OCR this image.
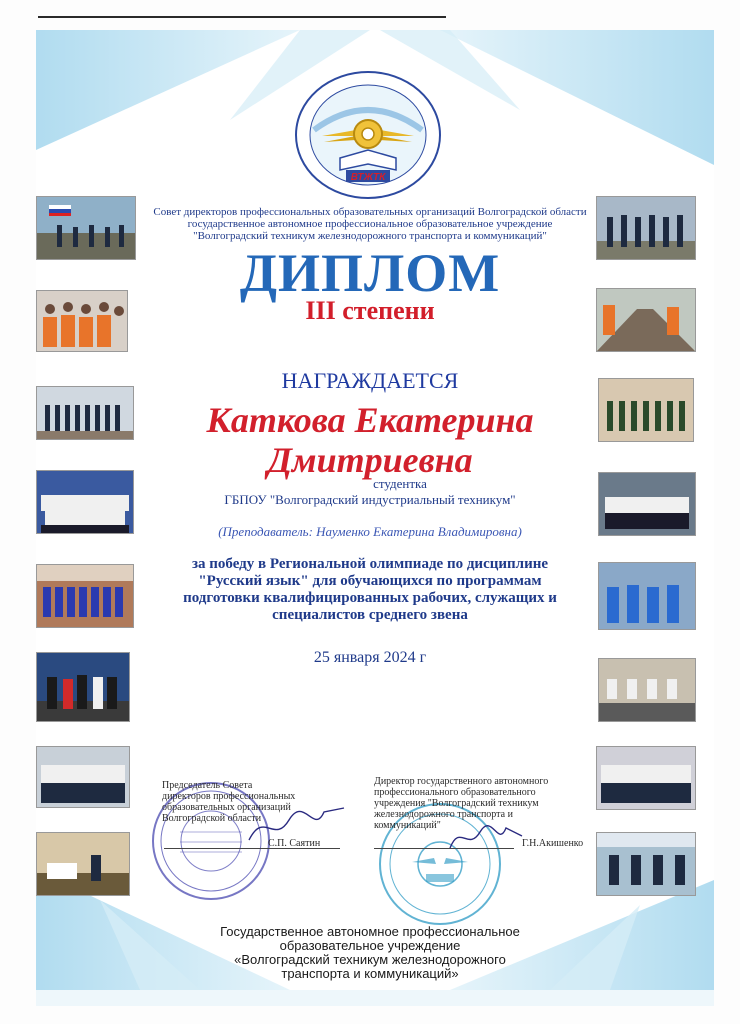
ВТЖТК
Совет директоров профессиональных образовательных организаций Волгоградской области
государственное автономное профессиональное образовательное учреждение
"Волгоградский техникум железнодорожного транспорта и коммуникаций"
ДИПЛОМ
III степени
НАГРАЖДАЕТСЯ
Каткова Екатерина
Дмитриевна
студентка
ГБПОУ "Волгоградский индустриальный техникум"
(Преподаватель: Науменко Екатерина Владимировна)
за победу в Региональной олимпиаде по дисциплине
"Русский язык" для обучающихся по программам
подготовки квалифицированных рабочих, служащих и
специалистов среднего звена
25 января 2024 г
Председатель Совета
директоров профессиональных
образовательных организаций
Волгоградской области
С.П. Саятин
Директор государственного автономного
профессионального образовательного
учреждения "Волгоградский техникум
железнодорожного транспорта и
коммуникаций"
Г.Н.Акишенко
Государственное автономное профессиональное
образовательное учреждение
«Волгоградский техникум железнодорожного
транспорта и коммуникаций»
